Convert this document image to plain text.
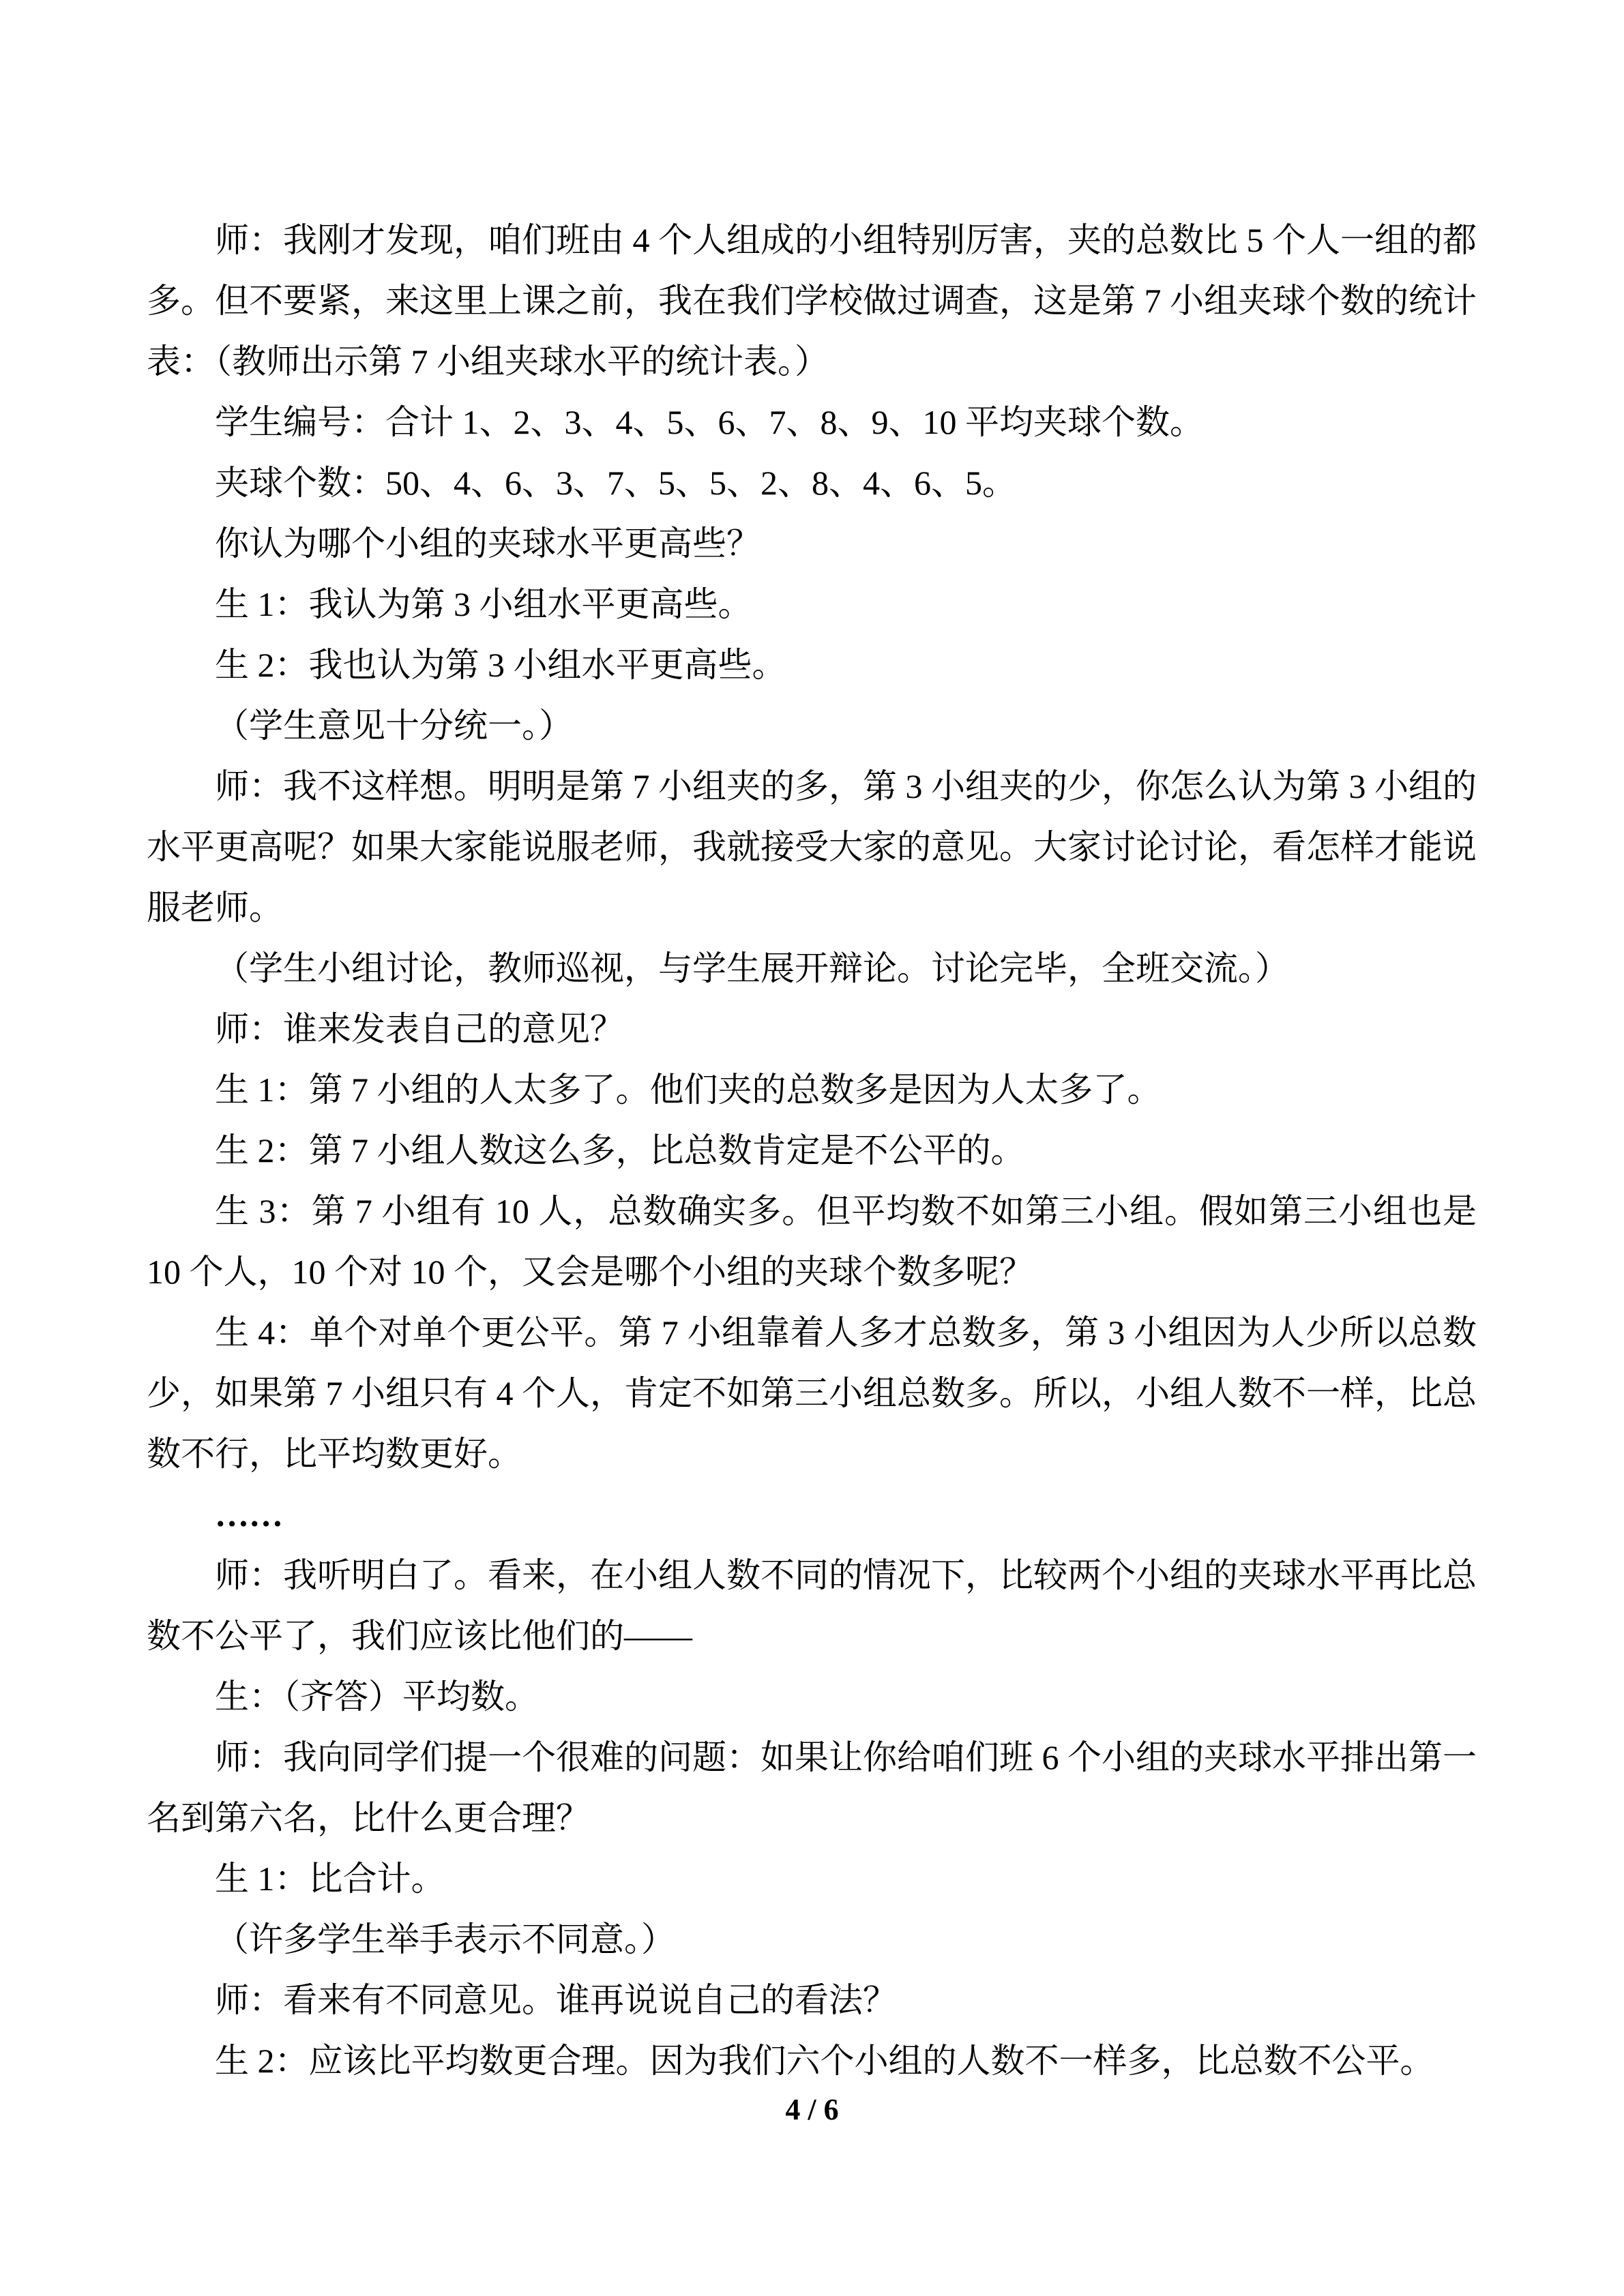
师：我刚才发现，咱们班由 4 个人组成的小组特别厉害，夹的总数比 5 个人一组的都多。但不要紧，来这里上课之前，我在我们学校做过调查，这是第 7 小组夹球个数的统计表：（教师出示第 7 小组夹球水平的统计表。）

学生编号：合计 1、2、3、4、5、6、7、8、9、10 平均夹球个数。

夹球个数：50、4、6、3、7、5、5、2、8、4、6、5。

你认为哪个小组的夹球水平更高些？

生 1：我认为第 3 小组水平更高些。

生 2：我也认为第 3 小组水平更高些。

（学生意见十分统一。）

师：我不这样想。明明是第 7 小组夹的多，第 3 小组夹的少，你怎么认为第 3 小组的水平更高呢？如果大家能说服老师，我就接受大家的意见。大家讨论讨论，看怎样才能说服老师。

（学生小组讨论，教师巡视，与学生展开辩论。讨论完毕，全班交流。）

师：谁来发表自己的意见？

生 1：第 7 小组的人太多了。他们夹的总数多是因为人太多了。

生 2：第 7 小组人数这么多，比总数肯定是不公平的。

生 3：第 7 小组有 10 人，总数确实多。但平均数不如第三小组。假如第三小组也是 10 个人，10 个对 10 个，又会是哪个小组的夹球个数多呢？

生 4：单个对单个更公平。第 7 小组靠着人多才总数多，第 3 小组因为人少所以总数少，如果第 7 小组只有 4 个人，肯定不如第三小组总数多。所以，小组人数不一样，比总数不行，比平均数更好。

……

师：我听明白了。看来，在小组人数不同的情况下，比较两个小组的夹球水平再比总数不公平了，我们应该比他们的——

生：（齐答）平均数。

师：我向同学们提一个很难的问题：如果让你给咱们班 6 个小组的夹球水平排出第一名到第六名，比什么更合理？

生 1：比合计。

（许多学生举手表示不同意。）

师：看来有不同意见。谁再说说自己的看法？

生 2：应该比平均数更合理。因为我们六个小组的人数不一样多，比总数不公平。

4 / 6
